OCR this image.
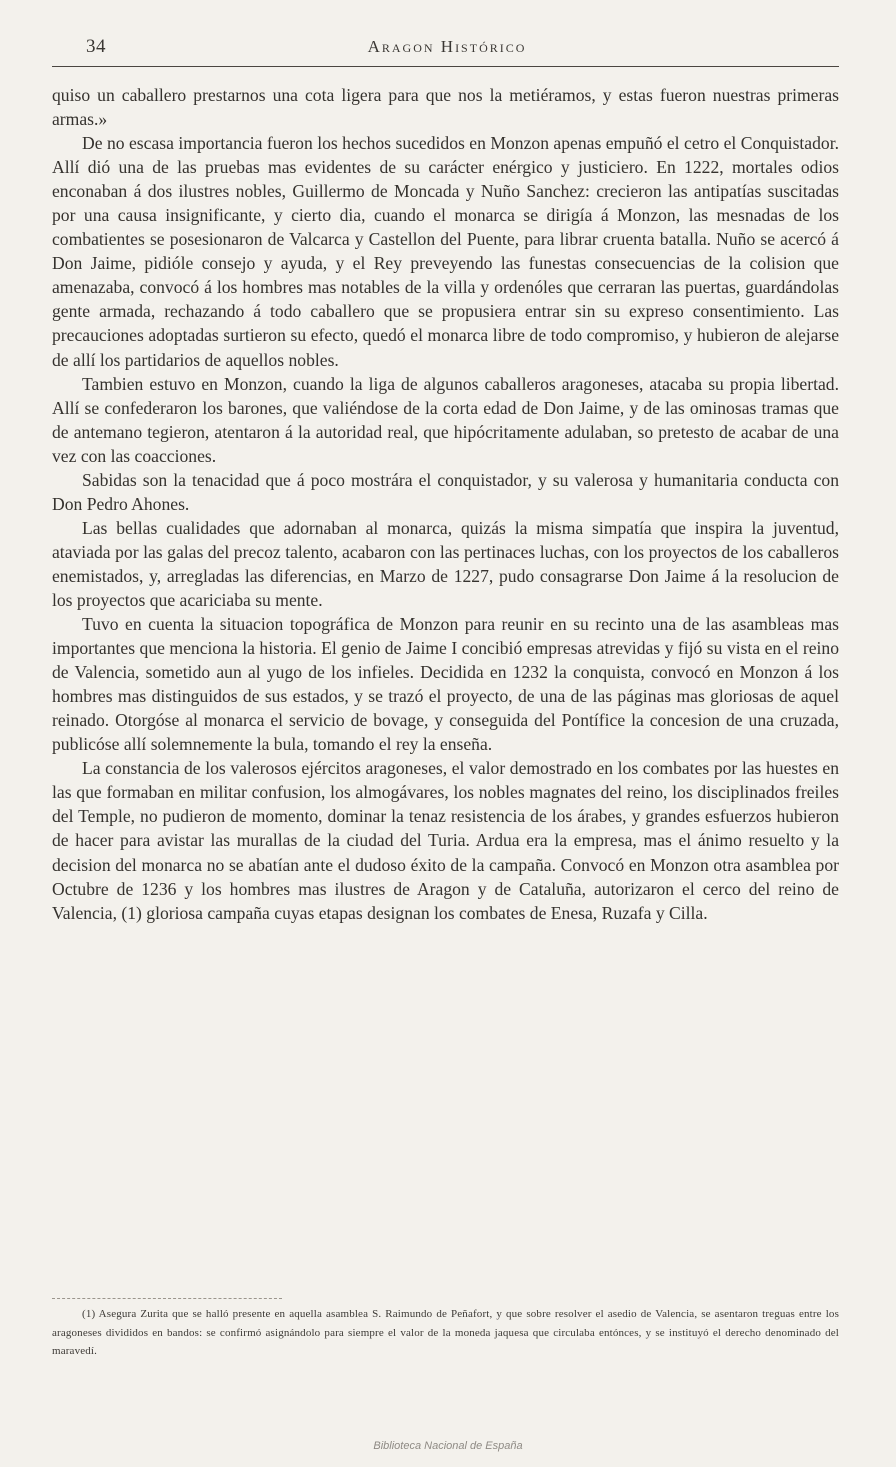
34	Aragon Histórico

quiso un caballero prestarnos una cota ligera para que nos la metiéramos, y estas fueron nuestras primeras armas.»

De no escasa importancia fueron los hechos sucedidos en Monzon apenas empuñó el cetro el Conquistador. Allí dió una de las pruebas mas evidentes de su carácter enérgico y justiciero. En 1222, mortales odios enconaban á dos ilustres nobles, Guillermo de Moncada y Nuño Sanchez: crecieron las antipatías suscitadas por una causa insignificante, y cierto dia, cuando el monarca se dirigía á Monzon, las mesnadas de los combatientes se posesionaron de Valcarca y Castellon del Puente, para librar cruenta batalla. Nuño se acercó á Don Jaime, pidióle consejo y ayuda, y el Rey preveyendo las funestas consecuencias de la colision que amenazaba, convocó á los hombres mas notables de la villa y ordenóles que cerraran las puertas, guardándolas gente armada, rechazando á todo caballero que se propusiera entrar sin su expreso consentimiento. Las precauciones adoptadas surtieron su efecto, quedó el monarca libre de todo compromiso, y hubieron de alejarse de allí los partidarios de aquellos nobles.

Tambien estuvo en Monzon, cuando la liga de algunos caballeros aragoneses, atacaba su propia libertad. Allí se confederaron los barones, que valiéndose de la corta edad de Don Jaime, y de las ominosas tramas que de antemano tegieron, atentaron á la autoridad real, que hipócritamente adulaban, so pretesto de acabar de una vez con las coacciones.

Sabidas son la tenacidad que á poco mostrára el conquistador, y su valerosa y humanitaria conducta con Don Pedro Ahones.

Las bellas cualidades que adornaban al monarca, quizás la misma simpatía que inspira la juventud, ataviada por las galas del precoz talento, acabaron con las pertinaces luchas, con los proyectos de los caballeros enemistados, y, arregladas las diferencias, en Marzo de 1227, pudo consagrarse Don Jaime á la resolucion de los proyectos que acariciaba su mente.

Tuvo en cuenta la situacion topográfica de Monzon para reunir en su recinto una de las asambleas mas importantes que menciona la historia. El genio de Jaime I concibió empresas atrevidas y fijó su vista en el reino de Valencia, sometido aun al yugo de los infieles. Decidida en 1232 la conquista, convocó en Monzon á los hombres mas distinguidos de sus estados, y se trazó el proyecto, de una de las páginas mas gloriosas de aquel reinado. Otorgóse al monarca el servicio de bovage, y conseguida del Pontífice la concesion de una cruzada, publicóse allí solemnemente la bula, tomando el rey la enseña.

La constancia de los valerosos ejércitos aragoneses, el valor demostrado en los combates por las huestes en las que formaban en militar confusion, los almogávares, los nobles magnates del reino, los disciplinados freiles del Temple, no pudieron de momento, dominar la tenaz resistencia de los árabes, y grandes esfuerzos hubieron de hacer para avistar las murallas de la ciudad del Turia. Ardua era la empresa, mas el ánimo resuelto y la decision del monarca no se abatían ante el dudoso éxito de la campaña. Convocó en Monzon otra asamblea por Octubre de 1236 y los hombres mas ilustres de Aragon y de Cataluña, autorizaron el cerco del reino de Valencia, (1) gloriosa campaña cuyas etapas designan los combates de Enesa, Ruzafa y Cilla.

(1) Asegura Zurita que se halló presente en aquella asamblea S. Raimundo de Peñafort, y que sobre resolver el asedio de Valencia, se asentaron treguas entre los aragoneses divididos en bandos: se confirmó asignándolo para siempre el valor de la moneda jaquesa que circulaba entónces, y se instituyó el derecho denominado del maravedí.

Biblioteca Nacional de España
